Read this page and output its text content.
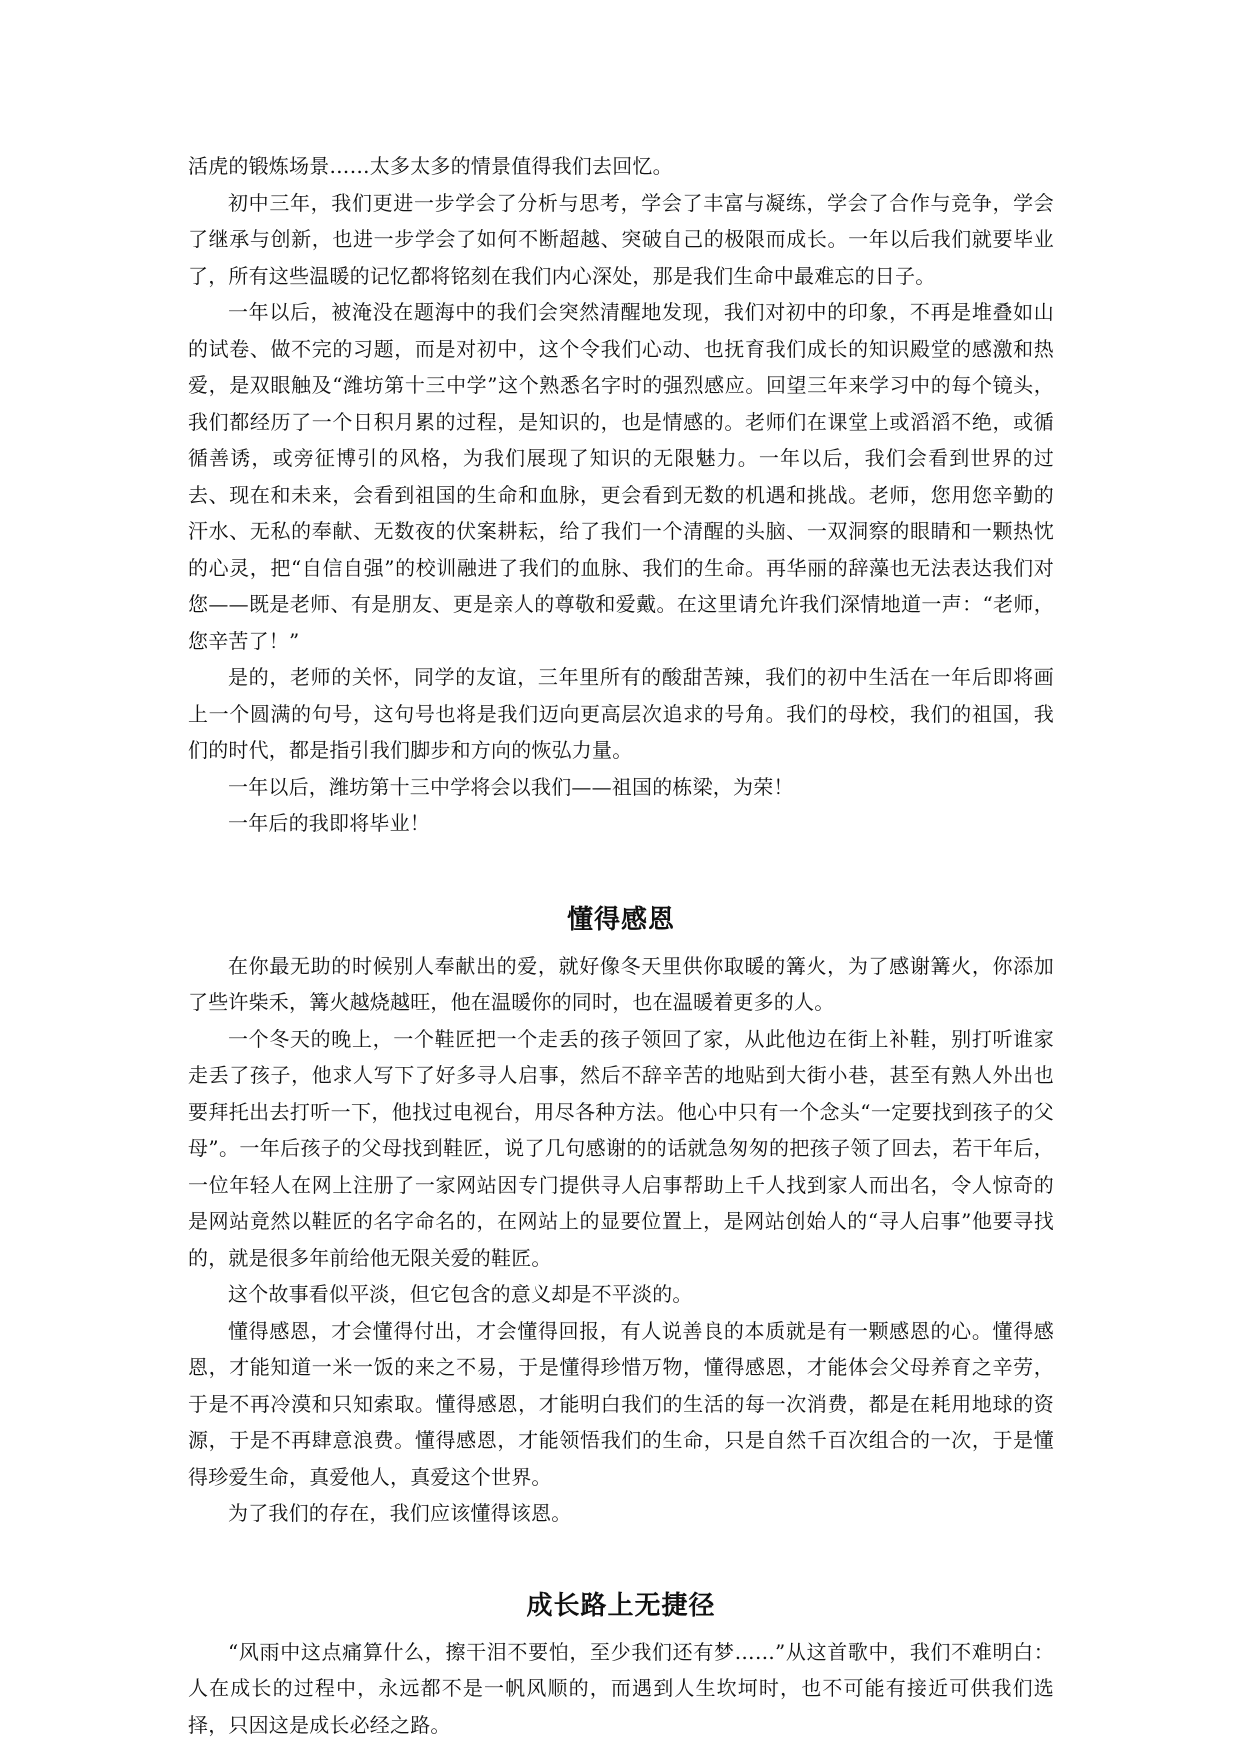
活虎的锻炼场景……太多太多的情景值得我们去回忆。

初中三年，我们更进一步学会了分析与思考，学会了丰富与凝练，学会了合作与竞争，学会了继承与创新，也进一步学会了如何不断超越、突破自己的极限而成长。一年以后我们就要毕业了，所有这些温暖的记忆都将铭刻在我们内心深处，那是我们生命中最难忘的日子。

一年以后，被淹没在题海中的我们会突然清醒地发现，我们对初中的印象，不再是堆叠如山的试卷、做不完的习题，而是对初中，这个令我们心动、也抚育我们成长的知识殿堂的感激和热爱，是双眼触及“潍坊第十三中学”这个熟悉名字时的强烈感应。回望三年来学习中的每个镜头，我们都经历了一个日积月累的过程，是知识的，也是情感的。老师们在课堂上或滔滔不绝，或循循善诱，或旁征博引的风格，为我们展现了知识的无限魅力。一年以后，我们会看到世界的过去、现在和未来，会看到祖国的生命和血脉，更会看到无数的机遇和挑战。老师，您用您辛勤的汗水、无私的奉献、无数夜的伏案耕耘，给了我们一个清醒的头脑、一双洞察的眼睛和一颗热忱的心灵，把“自信自强”的校训融进了我们的血脉、我们的生命。再华丽的辞藻也无法表达我们对您——既是老师、有是朋友、更是亲人的尊敬和爱戴。在这里请允许我们深情地道一声：“老师，您辛苦了！”

是的，老师的关怀，同学的友谊，三年里所有的酸甜苦辣，我们的初中生活在一年后即将画上一个圆满的句号，这句号也将是我们迈向更高层次追求的号角。我们的母校，我们的祖国，我们的时代，都是指引我们脚步和方向的恢弘力量。

一年以后，潍坊第十三中学将会以我们——祖国的栋梁，为荣！

一年后的我即将毕业！

懂得感恩

在你最无助的时候别人奉献出的爱，就好像冬天里供你取暖的篝火，为了感谢篝火，你添加了些许柴禾，篝火越烧越旺，他在温暖你的同时，也在温暖着更多的人。

一个冬天的晚上，一个鞋匠把一个走丢的孩子领回了家，从此他边在街上补鞋，别打听谁家走丢了孩子，他求人写下了好多寻人启事，然后不辞辛苦的地贴到大街小巷，甚至有熟人外出也要拜托出去打听一下，他找过电视台，用尽各种方法。他心中只有一个念头“一定要找到孩子的父母”。一年后孩子的父母找到鞋匠，说了几句感谢的的话就急匆匆的把孩子领了回去，若干年后，一位年轻人在网上注册了一家网站因专门提供寻人启事帮助上千人找到家人而出名，令人惊奇的是网站竟然以鞋匠的名字命名的，在网站上的显要位置上，是网站创始人的“寻人启事”他要寻找的，就是很多年前给他无限关爱的鞋匠。

这个故事看似平淡，但它包含的意义却是不平淡的。

懂得感恩，才会懂得付出，才会懂得回报，有人说善良的本质就是有一颗感恩的心。懂得感恩，才能知道一米一饭的来之不易，于是懂得珍惜万物，懂得感恩，才能体会父母养育之辛劳，于是不再冷漠和只知索取。懂得感恩，才能明白我们的生活的每一次消费，都是在耗用地球的资源，于是不再肆意浪费。懂得感恩，才能领悟我们的生命，只是自然千百次组合的一次，于是懂得珍爱生命，真爱他人，真爱这个世界。

为了我们的存在，我们应该懂得该恩。

成长路上无捷径

“风雨中这点痛算什么，擦干泪不要怕，至少我们还有梦……”从这首歌中，我们不难明白：人在成长的过程中，永远都不是一帆风顺的，而遇到人生坎坷时，也不可能有接近可供我们选择，只因这是成长必经之路。
